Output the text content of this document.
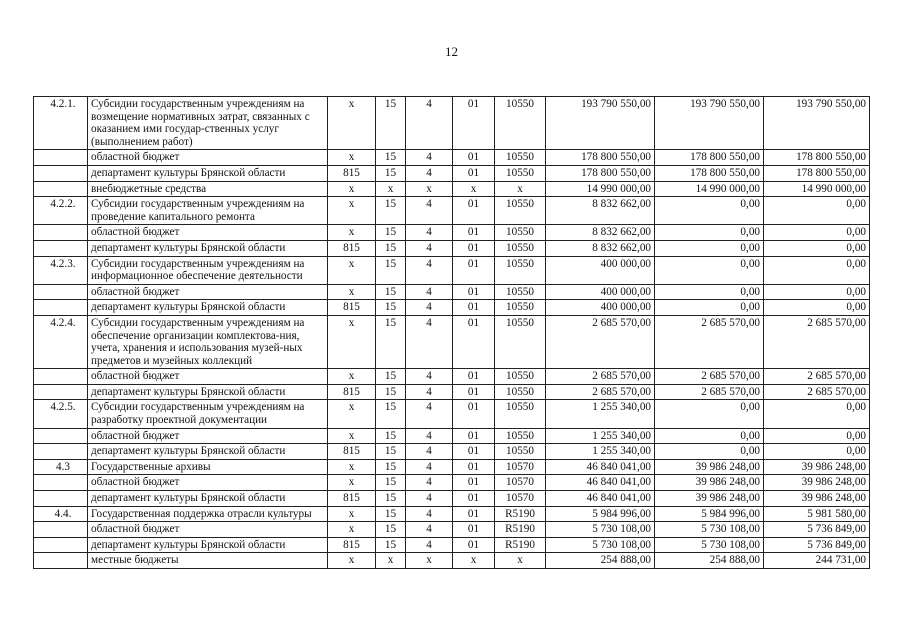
12
4.2.1.	Субсидии государственным учреждениям на возмещение нормативных затрат, связанных с оказанием ими государ-ственных услуг (выполнением работ)	х	15	4	01	10550	193 790 550,00	193 790 550,00	193 790 550,00
	областной бюджет	х	15	4	01	10550	178 800 550,00	178 800 550,00	178 800 550,00
	департамент культуры Брянской области	815	15	4	01	10550	178 800 550,00	178 800 550,00	178 800 550,00
	внебюджетные средства	х	х	х	х	х	14 990 000,00	14 990 000,00	14 990 000,00
4.2.2.	Субсидии государственным учреждениям на проведение капитального ремонта	х	15	4	01	10550	8 832 662,00	0,00	0,00
	областной бюджет	х	15	4	01	10550	8 832 662,00	0,00	0,00
	департамент культуры Брянской области	815	15	4	01	10550	8 832 662,00	0,00	0,00
4.2.3.	Субсидии государственным учреждениям на информационное обеспечение деятельности	х	15	4	01	10550	400 000,00	0,00	0,00
	областной бюджет	х	15	4	01	10550	400 000,00	0,00	0,00
	департамент культуры Брянской области	815	15	4	01	10550	400 000,00	0,00	0,00
4.2.4.	Субсидии государственным учреждениям на обеспечение организации комплектова-ния, учета, хранения и использования музей-ных предметов и музейных коллекций	х	15	4	01	10550	2 685 570,00	2 685 570,00	2 685 570,00
	областной бюджет	х	15	4	01	10550	2 685 570,00	2 685 570,00	2 685 570,00
	департамент культуры Брянской области	815	15	4	01	10550	2 685 570,00	2 685 570,00	2 685 570,00
4.2.5.	Субсидии государственным учреждениям на разработку проектной документации	х	15	4	01	10550	1 255 340,00	0,00	0,00
	областной бюджет	х	15	4	01	10550	1 255 340,00	0,00	0,00
	департамент культуры Брянской области	815	15	4	01	10550	1 255 340,00	0,00	0,00
4.3	Государственные архивы	х	15	4	01	10570	46 840 041,00	39 986 248,00	39 986 248,00
	областной бюджет	х	15	4	01	10570	46 840 041,00	39 986 248,00	39 986 248,00
	департамент культуры Брянской области	815	15	4	01	10570	46 840 041,00	39 986 248,00	39 986 248,00
4.4.	Государственная поддержка отрасли культуры	х	15	4	01	R5190	5 984 996,00	5 984 996,00	5 981 580,00
	областной бюджет	х	15	4	01	R5190	5 730 108,00	5 730 108,00	5 736 849,00
	департамент культуры Брянской области	815	15	4	01	R5190	5 730 108,00	5 730 108,00	5 736 849,00
	местные бюджеты	х	х	х	х	х	254 888,00	254 888,00	244 731,00
